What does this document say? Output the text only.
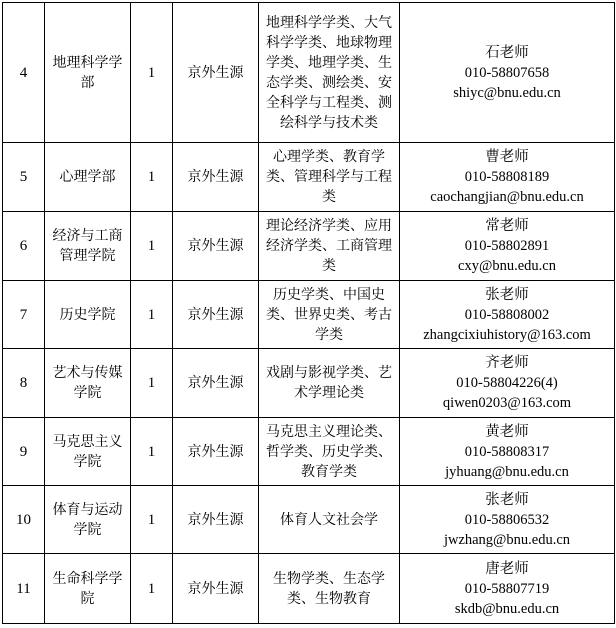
4	地理科学学部	1	京外生源	地理科学学类、大气科学学类、地球物理学类、地理学类、生态学类、测绘类、安全科学与工程类、测绘科学与技术类	石老师
010-58807658
shiyc@bnu.edu.cn

5	心理学部	1	京外生源	心理学类、教育学类、管理科学与工程类	曹老师
010-58808189
caochangjian@bnu.edu.cn

6	经济与工商管理学院	1	京外生源	理论经济学类、应用经济学类、工商管理类	常老师
010-58802891
cxy@bnu.edu.cn

7	历史学院	1	京外生源	历史学类、中国史类、世界史类、考古学类	张老师
010-58808002
zhangcixiuhistory@163.com

8	艺术与传媒学院	1	京外生源	戏剧与影视学类、艺术学理论类	齐老师
010-58804226(4)
qiwen0203@163.com

9	马克思主义学院	1	京外生源	马克思主义理论类、哲学类、历史学类、教育学类	黄老师
010-58808317
jyhuang@bnu.edu.cn

10	体育与运动学院	1	京外生源	体育人文社会学	张老师
010-58806532
jwzhang@bnu.edu.cn

11	生命科学学院	1	京外生源	生物学类、生态学类、生物教育	唐老师
010-58807719
skdb@bnu.edu.cn
